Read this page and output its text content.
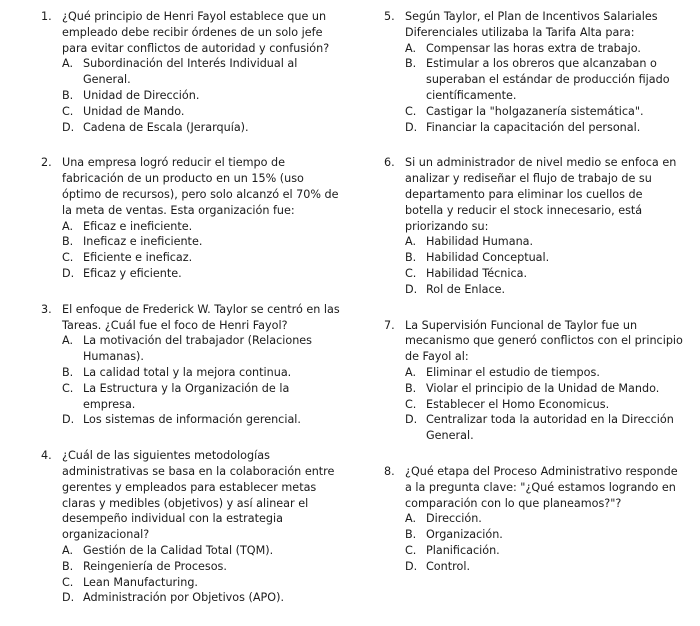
1. ¿Qué principio de Henri Fayol establece que un empleado debe recibir órdenes de un solo jefe para evitar conflictos de autoridad y confusión?
A. Subordinación del Interés Individual al General.
B. Unidad de Dirección.
C. Unidad de Mando.
D. Cadena de Escala (Jerarquía).
2. Una empresa logró reducir el tiempo de fabricación de un producto en un 15% (uso óptimo de recursos), pero solo alcanzó el 70% de la meta de ventas. Esta organización fue:
A. Eficaz e ineficiente.
B. Ineficaz e ineficiente.
C. Eficiente e ineficaz.
D. Eficaz y eficiente.
3. El enfoque de Frederick W. Taylor se centró en las Tareas. ¿Cuál fue el foco de Henri Fayol?
A. La motivación del trabajador (Relaciones Humanas).
B. La calidad total y la mejora continua.
C. La Estructura y la Organización de la empresa.
D. Los sistemas de información gerencial.
4. ¿Cuál de las siguientes metodologías administrativas se basa en la colaboración entre gerentes y empleados para establecer metas claras y medibles (objetivos) y así alinear el desempeño individual con la estrategia organizacional?
A. Gestión de la Calidad Total (TQM).
B. Reingeniería de Procesos.
C. Lean Manufacturing.
D. Administración por Objetivos (APO).
5. Según Taylor, el Plan de Incentivos Salariales Diferenciales utilizaba la Tarifa Alta para:
A. Compensar las horas extra de trabajo.
B. Estimular a los obreros que alcanzaban o superaban el estándar de producción fijado científicamente.
C. Castigar la "holgazanería sistemática".
D. Financiar la capacitación del personal.
6. Si un administrador de nivel medio se enfoca en analizar y rediseñar el flujo de trabajo de su departamento para eliminar los cuellos de botella y reducir el stock innecesario, está priorizando su:
A. Habilidad Humana.
B. Habilidad Conceptual.
C. Habilidad Técnica.
D. Rol de Enlace.
7. La Supervisión Funcional de Taylor fue un mecanismo que generó conflictos con el principio de Fayol al:
A. Eliminar el estudio de tiempos.
B. Violar el principio de la Unidad de Mando.
C. Establecer el Homo Economicus.
D. Centralizar toda la autoridad en la Dirección General.
8. ¿Qué etapa del Proceso Administrativo responde a la pregunta clave: "¿Qué estamos logrando en comparación con lo que planeamos?"?
A. Dirección.
B. Organización.
C. Planificación.
D. Control.
